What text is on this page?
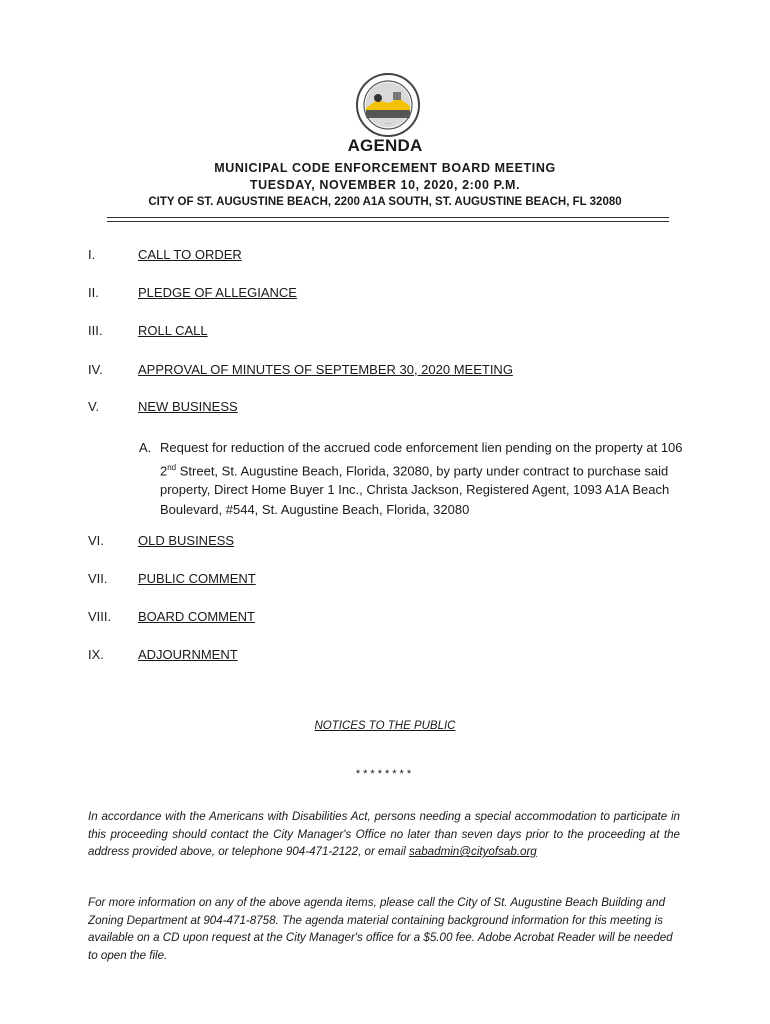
·····
AGENDA
MUNICIPAL CODE ENFORCEMENT BOARD MEETING
TUESDAY, NOVEMBER 10, 2020, 2:00 P.M.
CITY OF ST. AUGUSTINE BEACH, 2200 A1A SOUTH, ST. AUGUSTINE BEACH, FL 32080
I.	CALL TO ORDER
II.	PLEDGE OF ALLEGIANCE
III.	ROLL CALL
IV.	APPROVAL OF MINUTES OF SEPTEMBER 30, 2020 MEETING
V.	NEW BUSINESS
A. Request for reduction of the accrued code enforcement lien pending on the property at 106 2nd Street, St. Augustine Beach, Florida, 32080, by party under contract to purchase said property, Direct Home Buyer 1 Inc., Christa Jackson, Registered Agent, 1093 A1A Beach Boulevard, #544, St. Augustine Beach, Florida, 32080
VI.	OLD BUSINESS
VII.	PUBLIC COMMENT
VIII.	BOARD COMMENT
IX.	ADJOURNMENT
NOTICES TO THE PUBLIC
********
In accordance with the Americans with Disabilities Act, persons needing a special accommodation to participate in this proceeding should contact the City Manager's Office no later than seven days prior to the proceeding at the address provided above, or telephone 904-471-2122, or email sabadmin@cityofsab.org
For more information on any of the above agenda items, please call the City of St. Augustine Beach Building and Zoning Department at 904-471-8758. The agenda material containing background information for this meeting is available on a CD upon request at the City Manager's office for a $5.00 fee. Adobe Acrobat Reader will be needed to open the file.
